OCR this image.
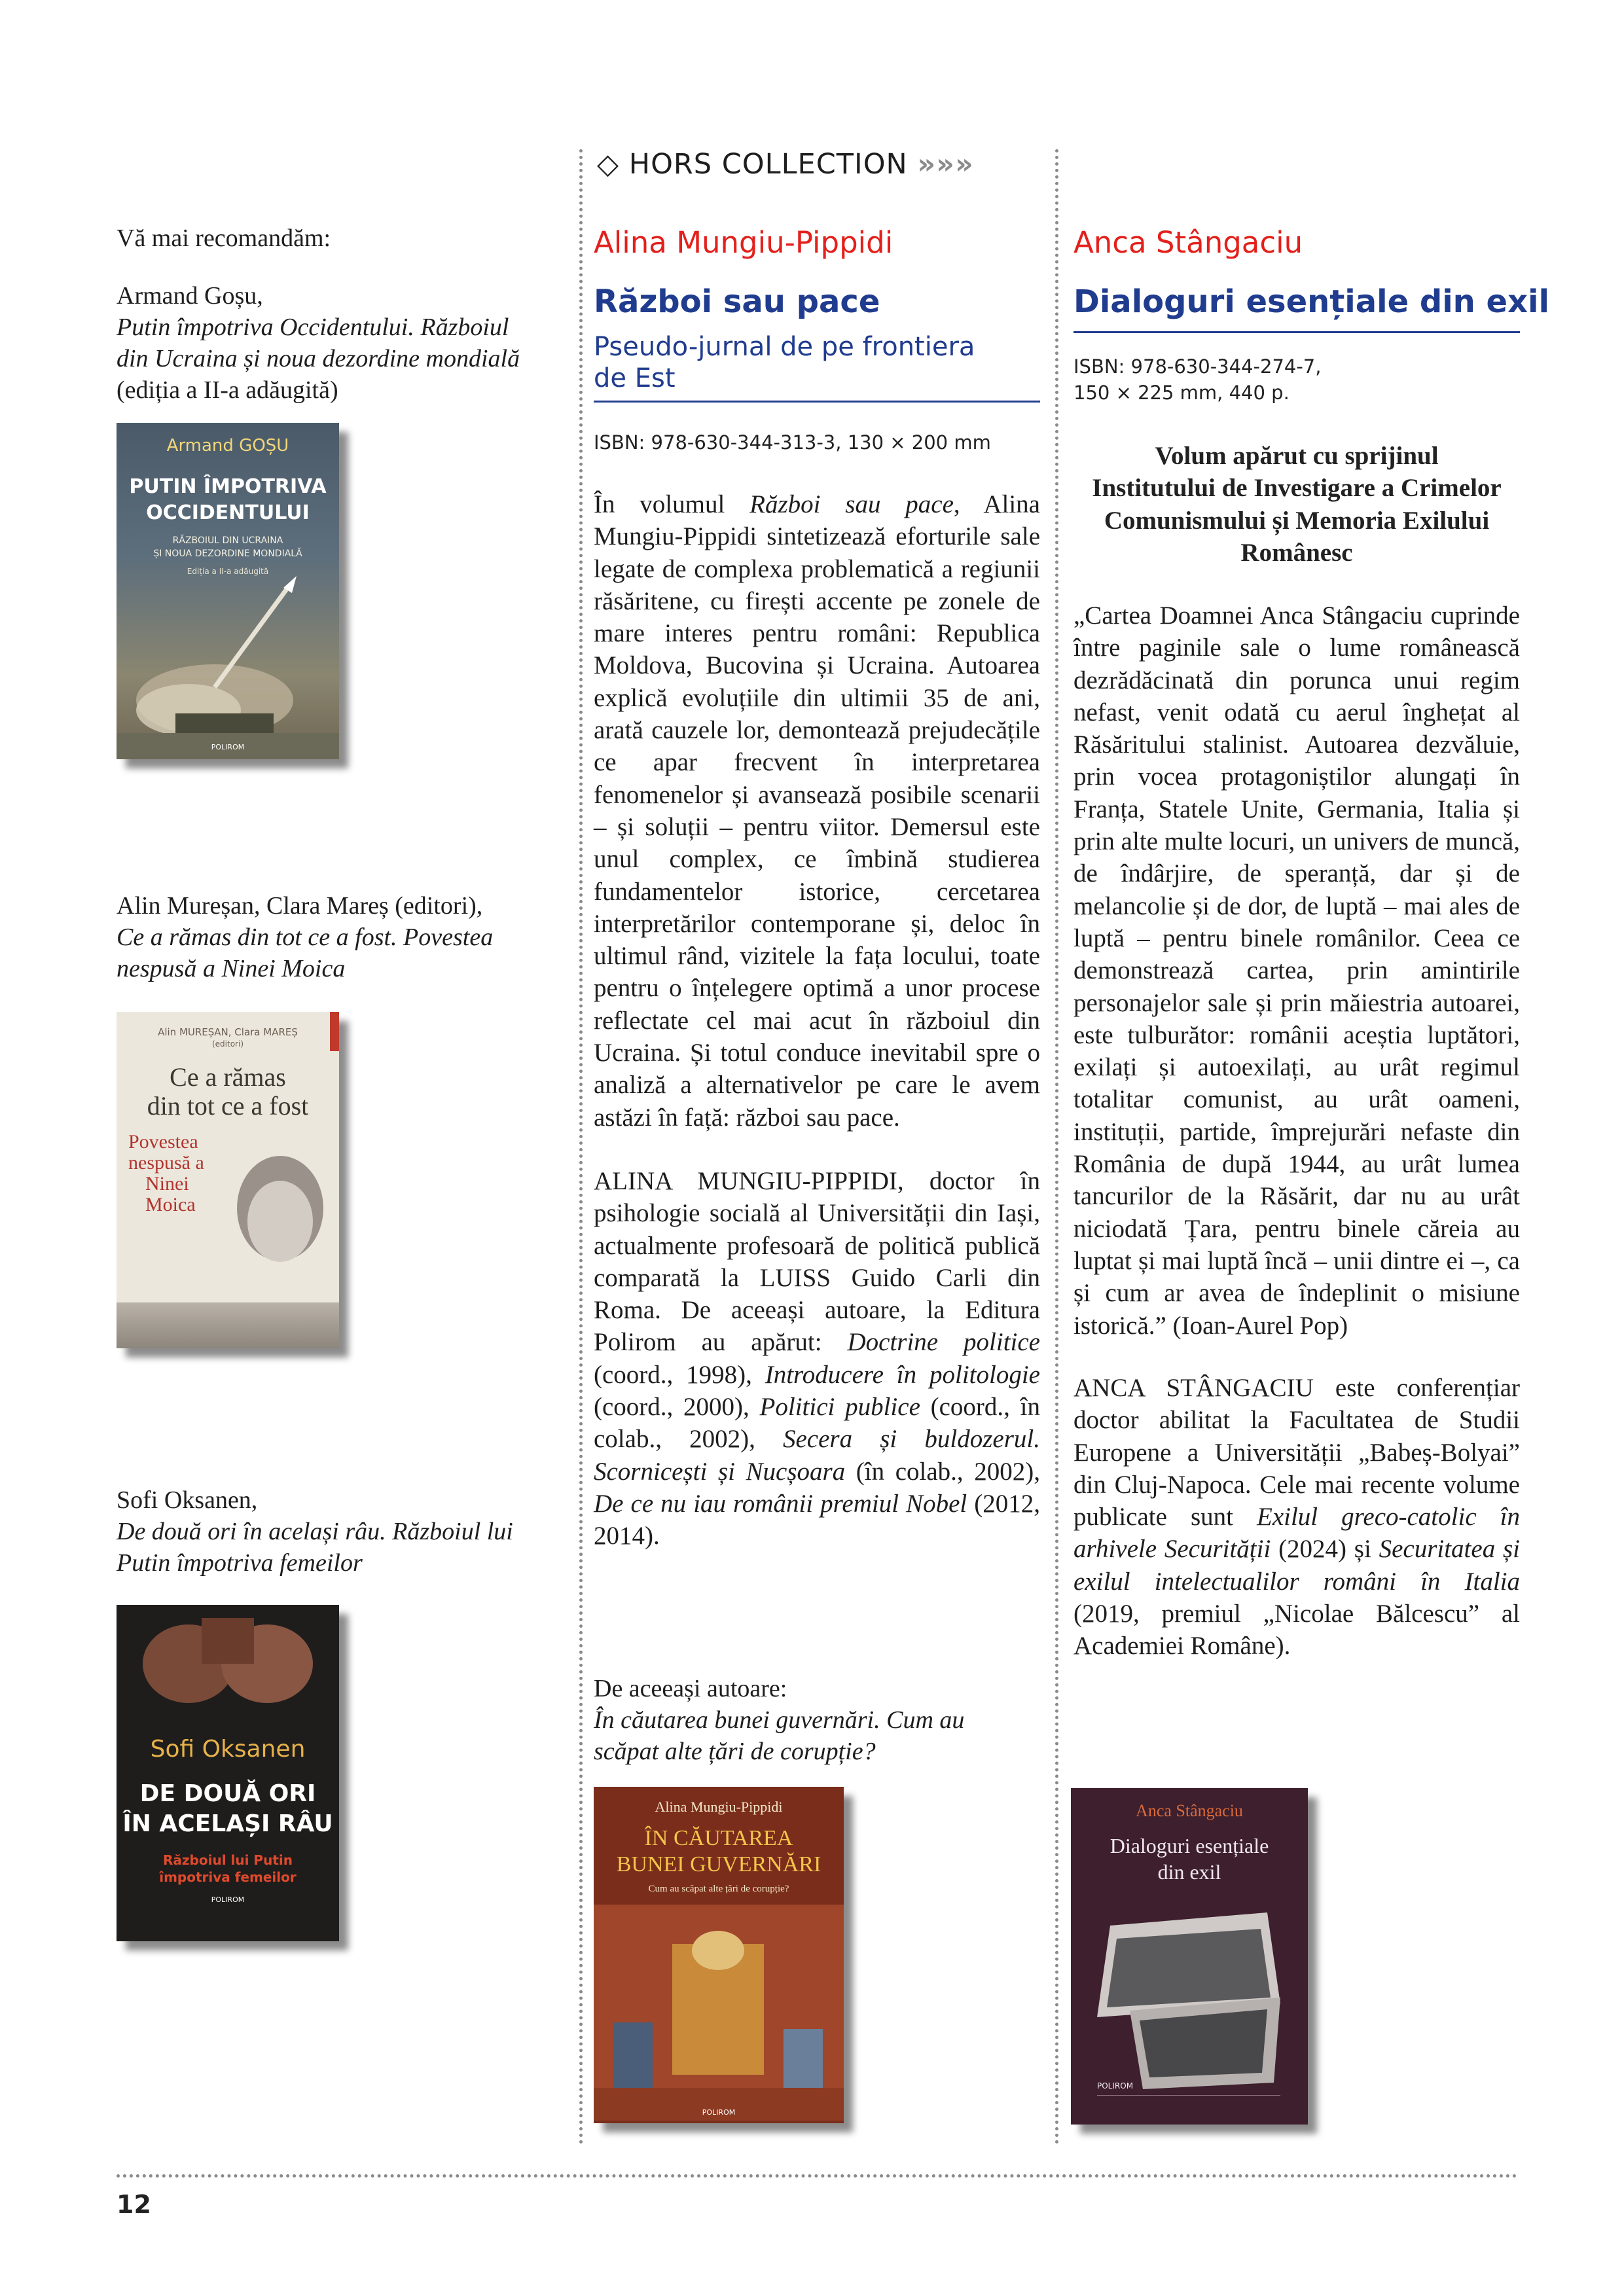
◇ HORS COLLECTION »»»
Vă mai recomandăm:
Armand Goșu,
Putin împotriva Occidentului. Războiul din Ucraina și noua dezordine mondială
(ediția a II-a adăugită)
Armand GOȘU
PUTIN ÎMPOTRIVA
OCCIDENTULUI
RĂZBOIUL DIN UCRAINA
ȘI NOUA DEZORDINE MONDIALĂ
Ediția a II-a adăugită
POLIROM
Alin Mureșan, Clara Mareș (editori),
Ce a rămas din tot ce a fost. Povestea nespusă a Ninei Moica
Alin MUREȘAN, Clara MAREȘ
(editori)
Ce a rămas
din tot ce a fost
Povestea
nespusă a
Ninei
Moica
Sofi Oksanen,
De două ori în același râu. Războiul lui Putin împotriva femeilor
Sofi Oksanen
DE DOUĂ ORI
ÎN ACELAȘI RÂU
Războiul lui Putin
împotriva femeilor
POLIROM
Alina Mungiu-Pippidi
Război sau pace
Pseudo-jurnal de pe frontiera de Est
ISBN: 978-630-344-313-3, 130 × 200 mm
În volumul Război sau pace, Alina Mungiu-Pippidi sintetizează eforturile sale legate de complexa problematică a regiunii răsăritene, cu firești accente pe zonele de mare interes pentru români: Republica Moldova, Bucovina și Ucraina. Autoarea explică evoluțiile din ultimii 35 de ani, arată cauzele lor, demontează prejudecățile ce apar frecvent în interpretarea fenomenelor și avansează posibile scenarii – și soluții – pentru viitor. Demersul este unul complex, ce îmbină studierea fundamentelor istorice, cercetarea interpretărilor contemporane și, deloc în ultimul rând, vizitele la fața locului, toate pentru o înțelegere optimă a unor procese reflectate cel mai acut în războiul din Ucraina. Și totul conduce inevitabil spre o analiză a alternativelor pe care le avem astăzi în față: război sau pace.
ALINA MUNGIU-PIPPIDI, doctor în psihologie socială al Universității din Iași, actualmente profesoară de politică publică comparată la LUISS Guido Carli din Roma. De aceeași autoare, la Editura Polirom au apărut: Doctrine politice (coord., 1998), Introducere în politologie (coord., 2000), Politici publice (coord., în colab., 2002), Secera și buldozerul. Scornicești și Nucșoara (în colab., 2002), De ce nu iau românii premiul Nobel (2012, 2014).
De aceeași autoare:
În căutarea bunei guvernări. Cum au scăpat alte țări de corupție?
Alina Mungiu-Pippidi
ÎN CĂUTAREA
BUNEI GUVERNĂRI
Cum au scăpat alte țări de corupție?
POLIROM
Anca Stângaciu
Dialoguri esențiale din exil
ISBN: 978-630-344-274-7,
150 × 225 mm, 440 p.
Volum apărut cu sprijinul
Institutului de Investigare a Crimelor
Comunismului și Memoria Exilului
Românesc
„Cartea Doamnei Anca Stângaciu cuprinde între paginile sale o lume românească dezrădăcinată din porunca unui regim nefast, venit odată cu aerul înghețat al Răsăritului stalinist. Autoarea dezvăluie, prin vocea protagoniștilor alungați în Franța, Statele Unite, Germania, Italia și prin alte multe locuri, un univers de muncă, de îndârjire, de speranță, dar și de melancolie și de dor, de luptă – mai ales de luptă – pentru binele românilor. Ceea ce demonstrează cartea, prin amintirile personajelor sale și prin măiestria autoarei, este tulburător: românii aceștia luptători, exilați și autoexilați, au urât regimul totalitar comunist, au urât oameni, instituții, partide, împrejurări nefaste din România de după 1944, au urât lumea tancurilor de la Răsărit, dar nu au urât niciodată Țara, pentru binele căreia au luptat și mai luptă încă – unii dintre ei –, ca și cum ar avea de îndeplinit o misiune istorică.” (Ioan-Aurel Pop)
ANCA STÂNGACIU este conferențiar doctor abilitat la Facultatea de Studii Europene a Universității „Babeș-Bolyai” din Cluj-Napoca. Cele mai recente volume publicate sunt Exilul greco-catolic în arhivele Securității (2024) și Securitatea și exilul intelectualilor români în Italia (2019, premiul „Nicolae Bălcescu” al Academiei Române).
Anca Stângaciu
Dialoguri esențiale
din exil
POLIROM
12
